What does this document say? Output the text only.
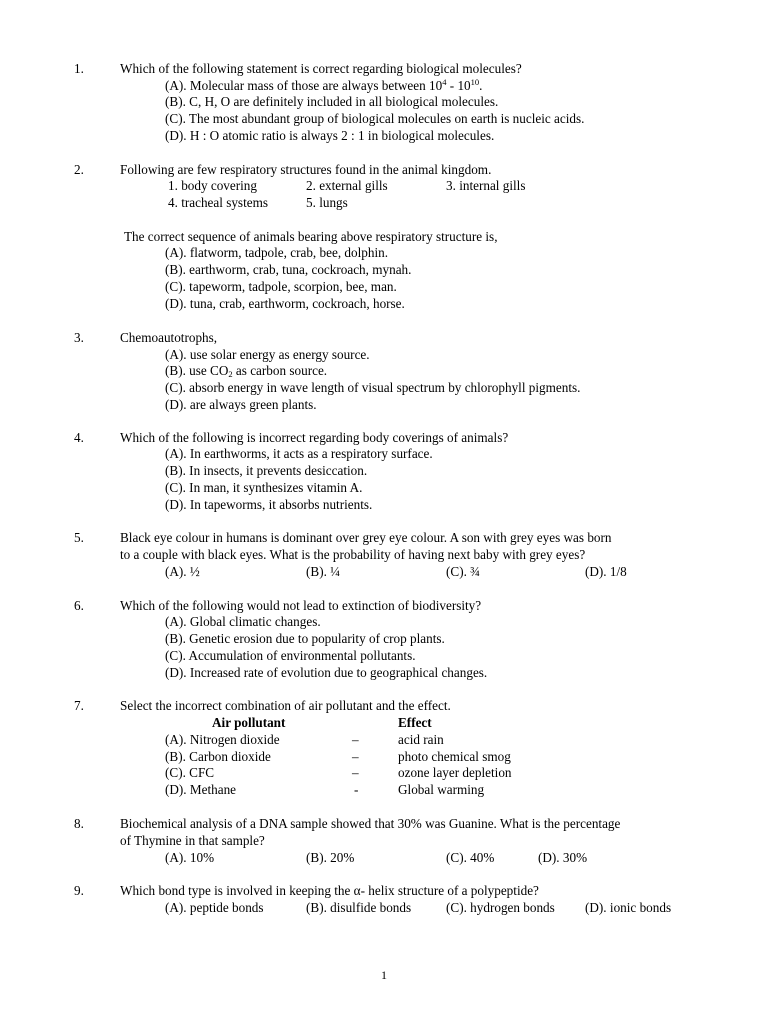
1.	Which of the following statement is correct regarding biological molecules?
(A). Molecular mass of those are always between $10^4 - 10^{10}$.
(B). C, H, O are definitely included in all biological molecules.
(C). The most abundant group of biological molecules on earth is nucleic acids.
(D). H : O atomic ratio is always 2 : 1 in biological molecules.
2.	Following are few respiratory structures found in the animal kingdom.
1. body covering	2. external gills	3. internal gills
4. tracheal systems	5. lungs
The correct sequence of animals bearing above respiratory structure is,
(A). flatworm, tadpole, crab, bee, dolphin.
(B). earthworm, crab, tuna, cockroach, mynah.
(C). tapeworm, tadpole, scorpion, bee, man.
(D). tuna, crab, earthworm, cockroach, horse.
3.	Chemoautotrophs,
(A). use solar energy as energy source.
(B). use $CO_2$ as carbon source.
(C). absorb energy in wave length of visual spectrum by chlorophyll pigments.
(D). are always green plants.
4.	Which of the following is incorrect regarding body coverings of animals?
(A). In earthworms, it acts as a respiratory surface.
(B). In insects, it prevents desiccation.
(C). In man, it synthesizes vitamin A.
(D). In tapeworms, it absorbs nutrients.
5.	Black eye colour in humans is dominant over grey eye colour. A son with grey eyes was born
to a couple with black eyes. What is the probability of having next baby with grey eyes?
(A). ½	(B). ¼	(C). ¾	(D). 1/8
6.	Which of the following would not lead to extinction of biodiversity?
(A). Global climatic changes.
(B). Genetic erosion due to popularity of crop plants.
(C). Accumulation of environmental pollutants.
(D). Increased rate of evolution due to geographical changes.
7.	Select the incorrect combination of air pollutant and the effect.
Air pollutant	Effect
(A). Nitrogen dioxide	–	acid rain
(B). Carbon dioxide	–	photo chemical smog
(C). CFC	–	ozone layer depletion
(D). Methane	-	Global warming
8.	Biochemical analysis of a DNA sample showed that 30% was Guanine. What is the percentage
of Thymine in that sample?
(A). 10%	(B). 20%	(C). 40%	(D). 30%
9.	Which bond type is involved in keeping the α- helix structure of a polypeptide?
(A). peptide bonds	(B). disulfide bonds	(C). hydrogen bonds (D). ionic bonds
1
